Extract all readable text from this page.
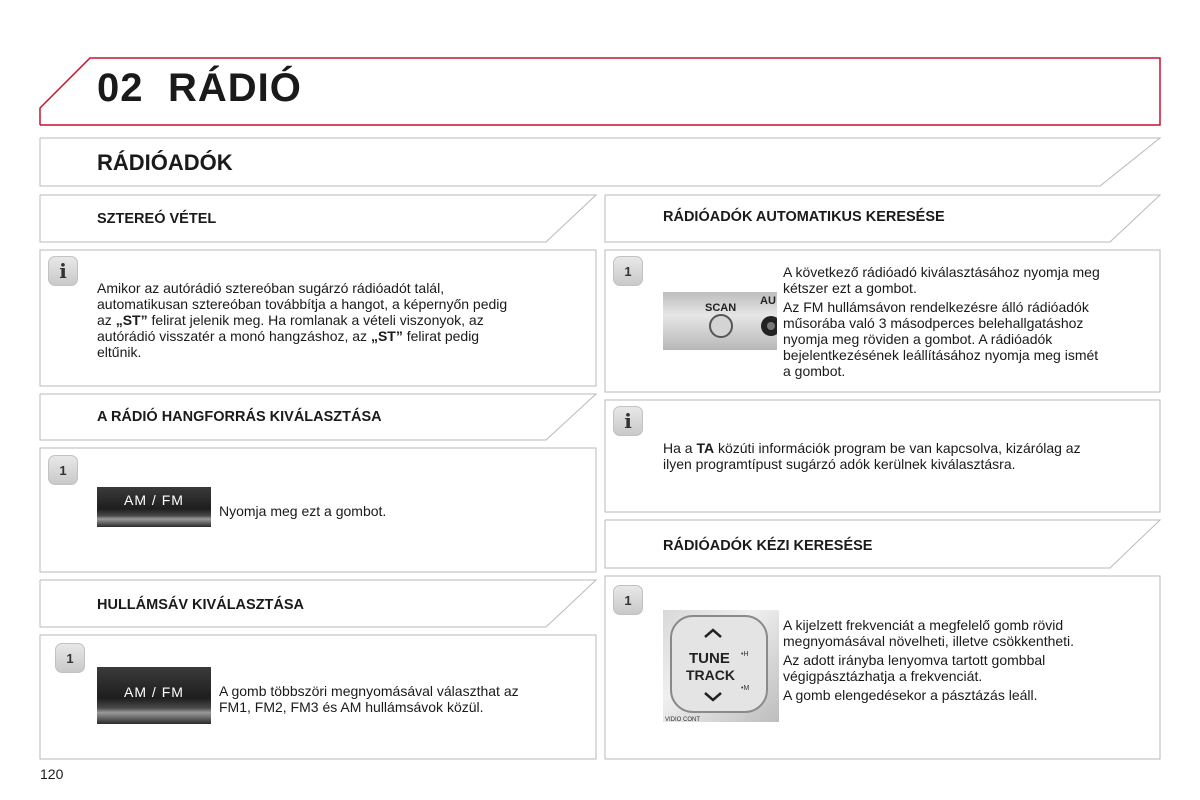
02 RÁDIÓ
RÁDIÓADÓK
SZTEREÓ VÉTEL
i
Amikor az autórádió sztereóban sugárzó rádióadót talál,
automatikusan sztereóban továbbítja a hangot, a képernyőn pedig
az „ST” felirat jelenik meg. Ha romlanak a vételi viszonyok, az
autórádió visszatér a monó hangzáshoz, az „ST” felirat pedig
eltűnik.
A RÁDIÓ HANGFORRÁS KIVÁLASZTÁSA
1
AM / FM
Nyomja meg ezt a gombot.
HULLÁMSÁV KIVÁLASZTÁSA
1
AM / FM	A gomb többszöri megnyomásával választhat az
FM1, FM2, FM3 és AM hullámsávok közül.
RÁDIÓADÓK AUTOMATIKUS KERESÉSE
1
SCAN
AU
A következő rádióadó kiválasztásához nyomja meg
kétszer ezt a gombot.
Az FM hullámsávon rendelkezésre álló rádióadók
műsorába való 3 másodperces belehallgatáshoz
nyomja meg röviden a gombot. A rádióadók
bejelentkezésének leállításához nyomja meg ismét
a gombot.
i
Ha a TA közúti információk program be van kapcsolva, kizárólag az
ilyen programtípust sugárzó adók kerülnek kiválasztásra.
RÁDIÓADÓK KÉZI KERESÉSE
1
TUNE
TRACK
•H
•M
VIDIO CONT
A kijelzett frekvenciát a megfelelő gomb rövid
megnyomásával növelheti, illetve csökkentheti.
Az adott irányba lenyomva tartott gombbal
végigpásztázhatja a frekvenciát.
A gomb elengedésekor a pásztázás leáll.
120
